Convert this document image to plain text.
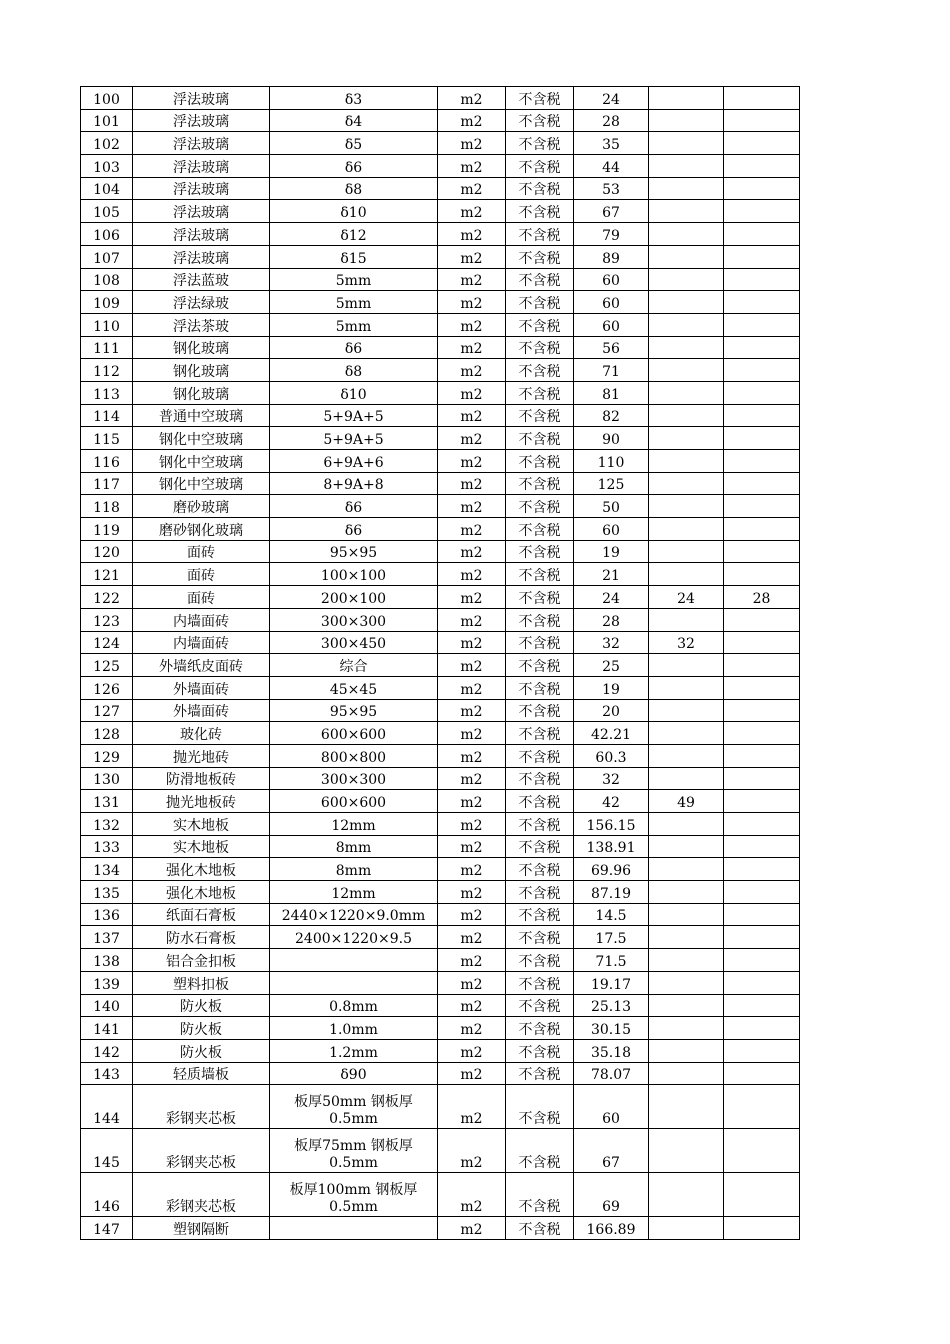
100	浮法玻璃	δ3	m2	不含税	24		
101	浮法玻璃	δ4	m2	不含税	28		
102	浮法玻璃	δ5	m2	不含税	35		
103	浮法玻璃	δ6	m2	不含税	44		
104	浮法玻璃	δ8	m2	不含税	53		
105	浮法玻璃	δ10	m2	不含税	67		
106	浮法玻璃	δ12	m2	不含税	79		
107	浮法玻璃	δ15	m2	不含税	89		
108	浮法蓝玻	5mm	m2	不含税	60		
109	浮法绿玻	5mm	m2	不含税	60		
110	浮法茶玻	5mm	m2	不含税	60		
111	钢化玻璃	δ6	m2	不含税	56		
112	钢化玻璃	δ8	m2	不含税	71		
113	钢化玻璃	δ10	m2	不含税	81		
114	普通中空玻璃	5+9A+5	m2	不含税	82		
115	钢化中空玻璃	5+9A+5	m2	不含税	90		
116	钢化中空玻璃	6+9A+6	m2	不含税	110		
117	钢化中空玻璃	8+9A+8	m2	不含税	125		
118	磨砂玻璃	δ6	m2	不含税	50		
119	磨砂钢化玻璃	δ6	m2	不含税	60		
120	面砖	95×95	m2	不含税	19		
121	面砖	100×100	m2	不含税	21		
122	面砖	200×100	m2	不含税	24	24	28
123	内墙面砖	300×300	m2	不含税	28		
124	内墙面砖	300×450	m2	不含税	32	32	
125	外墙纸皮面砖	综合	m2	不含税	25		
126	外墙面砖	45×45	m2	不含税	19		
127	外墙面砖	95×95	m2	不含税	20		
128	玻化砖	600×600	m2	不含税	42.21		
129	抛光地砖	800×800	m2	不含税	60.3		
130	防滑地板砖	300×300	m2	不含税	32		
131	抛光地板砖	600×600	m2	不含税	42	49	
132	实木地板	12mm	m2	不含税	156.15		
133	实木地板	8mm	m2	不含税	138.91		
134	强化木地板	8mm	m2	不含税	69.96		
135	强化木地板	12mm	m2	不含税	87.19		
136	纸面石膏板	2440×1220×9.0mm	m2	不含税	14.5		
137	防水石膏板	2400×1220×9.5	m2	不含税	17.5		
138	铝合金扣板		m2	不含税	71.5		
139	塑料扣板		m2	不含税	19.17		
140	防火板	0.8mm	m2	不含税	25.13		
141	防火板	1.0mm	m2	不含税	30.15		
142	防火板	1.2mm	m2	不含税	35.18		
143	轻质墙板	δ90	m2	不含税	78.07		
144	彩钢夹芯板	板厚50mm 钢板厚0.5mm	m2	不含税	60		
145	彩钢夹芯板	板厚75mm 钢板厚0.5mm	m2	不含税	67		
146	彩钢夹芯板	板厚100mm 钢板厚0.5mm	m2	不含税	69		
147	塑钢隔断		m2	不含税	166.89		
